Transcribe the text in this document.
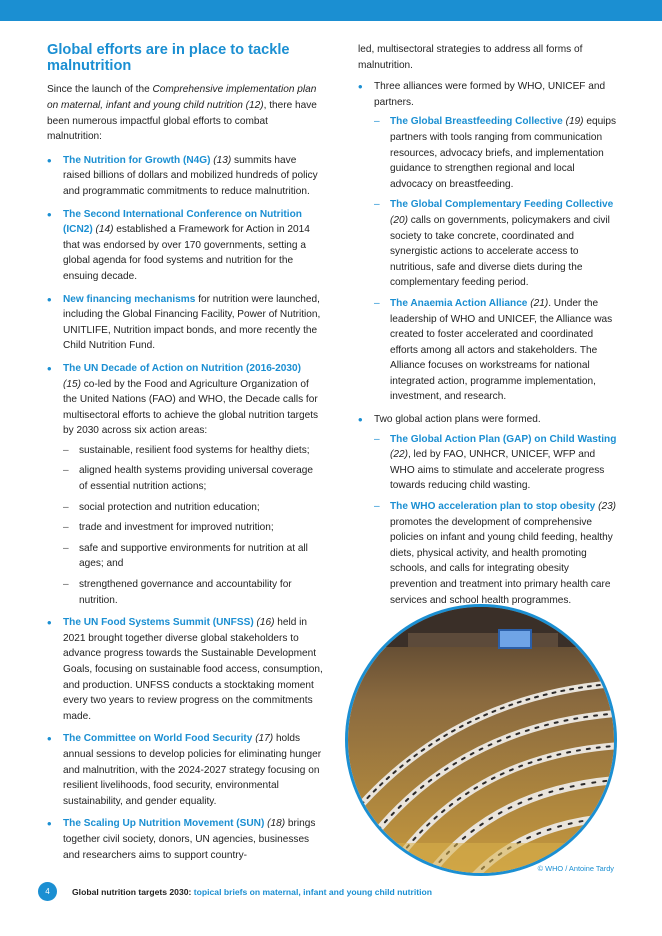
Global efforts are in place to tackle malnutrition

Since the launch of the Comprehensive implementation plan on maternal, infant and young child nutrition (12), there have been numerous impactful global efforts to combat malnutrition:

• The Nutrition for Growth (N4G) (13) summits have raised billions of dollars and mobilized hundreds of policy and programmatic commitments to reduce malnutrition.
• The Second International Conference on Nutrition (ICN2) (14) established a Framework for Action in 2014 that was endorsed by over 170 governments, setting a global agenda for food systems and nutrition for the ensuing decade.
• New financing mechanisms for nutrition were launched, including the Global Financing Facility, Power of Nutrition, UNITLIFE, Nutrition impact bonds, and more recently the Child Nutrition Fund.
• The UN Decade of Action on Nutrition (2016-2030)
(15) co-led by the Food and Agriculture Organization of the United Nations (FAO) and WHO, the Decade calls for multisectoral efforts to achieve the global nutrition targets by 2030 across six action areas:
– sustainable, resilient food systems for healthy diets;
– aligned health systems providing universal coverage of essential nutrition actions;
– social protection and nutrition education;
– trade and investment for improved nutrition;
– safe and supportive environments for nutrition at all ages; and
– strengthened governance and accountability for nutrition.
• The UN Food Systems Summit (UNFSS) (16) held in 2021 brought together diverse global stakeholders to advance progress towards the Sustainable Development Goals, focusing on sustainable food access, consumption, and production. UNFSS conducts a stocktaking moment every two years to review progress on the commitments made.
• The Committee on World Food Security (17) holds annual sessions to develop policies for eliminating hunger and malnutrition, with the 2024-2027 strategy focusing on resilient livelihoods, food security, environmental sustainability, and gender equality.
• The Scaling Up Nutrition Movement (SUN) (18) brings together civil society, donors, UN agencies, businesses and researchers aims to support country-

led, multisectoral strategies to address all forms of malnutrition.

• Three alliances were formed by WHO, UNICEF and partners.
– The Global Breastfeeding Collective (19) equips partners with tools ranging from communication resources, advocacy briefs, and implementation guidance to strengthen regional and local advocacy on breastfeeding.
– The Global Complementary Feeding Collective (20) calls on governments, policymakers and civil society to take concrete, coordinated and synergistic actions to accelerate access to nutritious, safe and diverse diets during the complementary feeding period.
– The Anaemia Action Alliance (21). Under the leadership of WHO and UNICEF, the Alliance was created to foster accelerated and coordinated efforts among all actors and stakeholders. The Alliance focuses on workstreams for national integrated action, programme implementation, investment, and research.
• Two global action plans were formed.
– The Global Action Plan (GAP) on Child Wasting (22), led by FAO, UNHCR, UNICEF, WFP and WHO aims to stimulate and accelerate progress towards reducing child wasting.
– The WHO acceleration plan to stop obesity (23) promotes the development of comprehensive policies on infant and young child feeding, healthy diets, physical activity, and health promoting schools, and calls for integrating obesity prevention and treatment into primary health care services and school health programmes.
© WHO / Antoine Tardy
4	Global nutrition targets 2030: topical briefs on maternal, infant and young child nutrition
